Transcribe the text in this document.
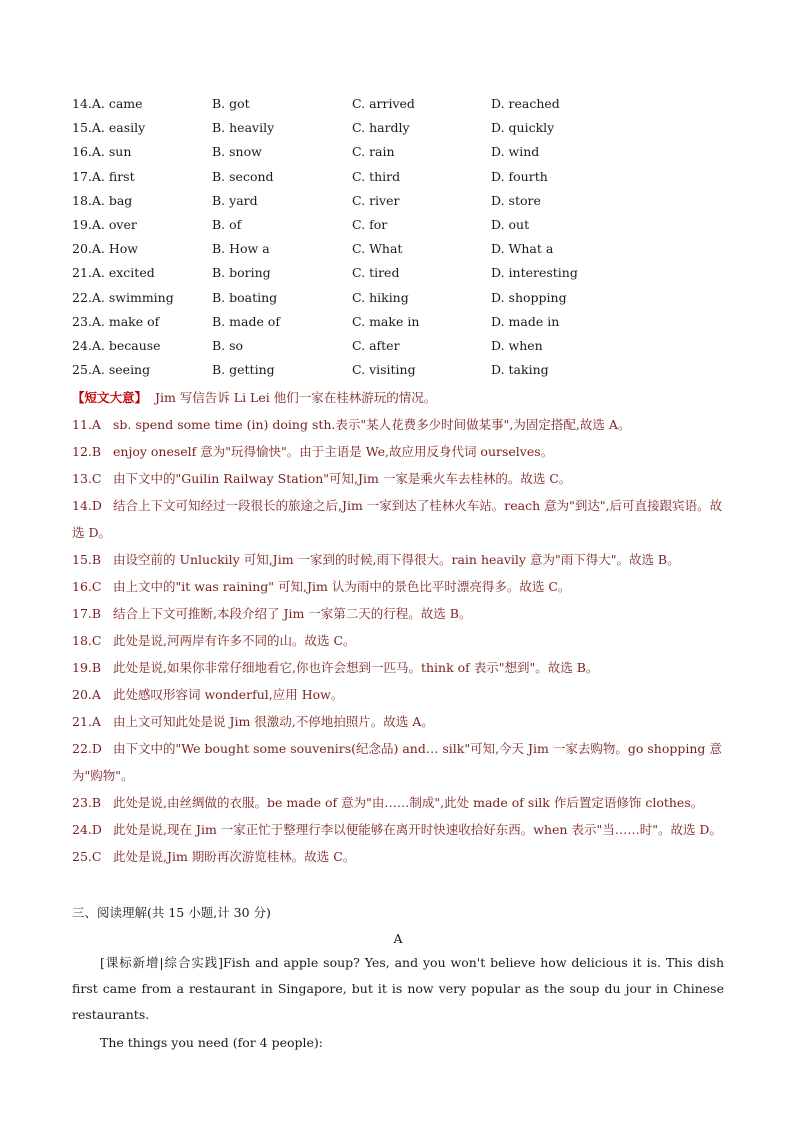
14.A. came	B. got	C. arrived	D. reached
15.A. easily	B. heavily	C. hardly	D. quickly
16.A. sun	B. snow	C. rain	D. wind
17.A. first	B. second	C. third	D. fourth
18.A. bag	B. yard	C. river	D. store
19.A. over	B. of	C. for	D. out
20.A. How	B. How a	C. What	D. What a
21.A. excited	B. boring	C. tired	D. interesting
22.A. swimming	B. boating	C. hiking	D. shopping
23.A. make of	B. made of	C. make in	D. made in
24.A. because	B. so	C. after	D. when
25.A. seeing	B. getting	C. visiting	D. taking
【短文大意】 Jim 写信告诉 Li Lei 他们一家在桂林游玩的情况。
11.A sb. spend some time (in) doing sth.表示"某人花费多少时间做某事",为固定搭配,故选 A。
12.B enjoy oneself 意为"玩得愉快"。由于主语是 We,故应用反身代词 ourselves。
13.C 由下文中的"Guilin Railway Station"可知,Jim 一家是乘火车去桂林的。故选 C。
14.D 结合上下文可知经过一段很长的旅途之后,Jim 一家到达了桂林火车站。reach 意为"到达",后可直接跟宾语。故选 D。
15.B 由设空前的 Unluckily 可知,Jim 一家到的时候,雨下得很大。rain heavily 意为"雨下得大"。故选 B。
16.C 由上文中的"it was raining" 可知,Jim 认为雨中的景色比平时漂亮得多。故选 C。
17.B 结合上下文可推断,本段介绍了 Jim 一家第二天的行程。故选 B。
18.C 此处是说,河两岸有许多不同的山。故选 C。
19.B 此处是说,如果你非常仔细地看它,你也许会想到一匹马。think of 表示"想到"。故选 B。
20.A 此处感叹形容词 wonderful,应用 How。
21.A 由上文可知此处是说 Jim 很激动,不停地拍照片。故选 A。
22.D 由下文中的"We bought some souvenirs(纪念品) and… silk"可知,今天 Jim 一家去购物。go shopping 意为"购物"。
23.B 此处是说,由丝绸做的衣服。be made of 意为"由……制成",此处 made of silk 作后置定语修饰 clothes。
24.D 此处是说,现在 Jim 一家正忙于整理行李以便能够在离开时快速收拾好东西。when 表示"当……时"。故选 D。
25.C 此处是说,Jim 期盼再次游览桂林。故选 C。
三、阅读理解(共 15 小题,计 30 分)
A
[课标新增|综合实践]Fish and apple soup? Yes, and you won't believe how delicious it is. This dish first came from a restaurant in Singapore, but it is now very popular as the soup du jour in Chinese restaurants.
The things you need (for 4 people):
